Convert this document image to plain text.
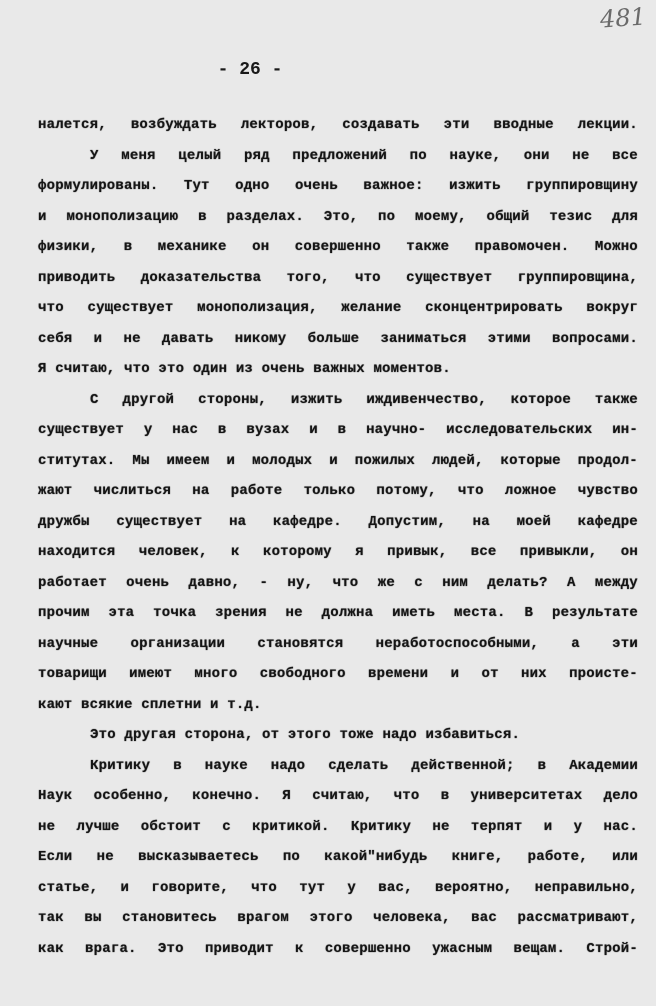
481
- 26 -
налется, возбуждать лекторов, создавать эти вводные лекции.
У меня целый ряд предложений по науке, они не все
формулированы. Тут одно очень важное: изжить группировщину
и монополизацию в разделах. Это, по моему, общий тезис для
физики, в механике он совершенно также правомочен. Можно
приводить доказательства того, что существует группировщина,
что существует монополизация, желание сконцентрировать вокруг
себя и не давать никому больше заниматься этими вопросами.
Я считаю, что это один из очень важных моментов.
С другой стороны, изжить иждивенчество, которое также
существует у нас в вузах и в научно- исследовательских ин-
ститутах. Мы имеем и молодых и пожилых людей, которые продол-
жают числиться на работе только потому, что ложное чувство
дружбы существует на кафедре. Допустим, на моей кафедре
находится человек, к которому я привык, все привыкли, он
работает очень давно, - ну, что же с ним делать? А между
прочим эта точка зрения не должна иметь места. В результате
научные организации становятся неработоспособными, а эти
товарищи имеют много свободного времени и от них происте-
кают всякие сплетни и т.д.
Это другая сторона, от этого тоже надо избавиться.
Критику в науке надо сделать действенной; в Академии
Наук особенно, конечно. Я считаю, что в университетах дело
не лучше обстоит с критикой. Критику не терпят и у нас.
Если не высказываетесь по какой"нибудь книге, работе, или
статье, и говорите, что тут у вас, вероятно, неправильно,
так вы становитесь врагом этого человека, вас рассматривают,
как врага. Это приводит к совершенно ужасным вещам. Строй-
